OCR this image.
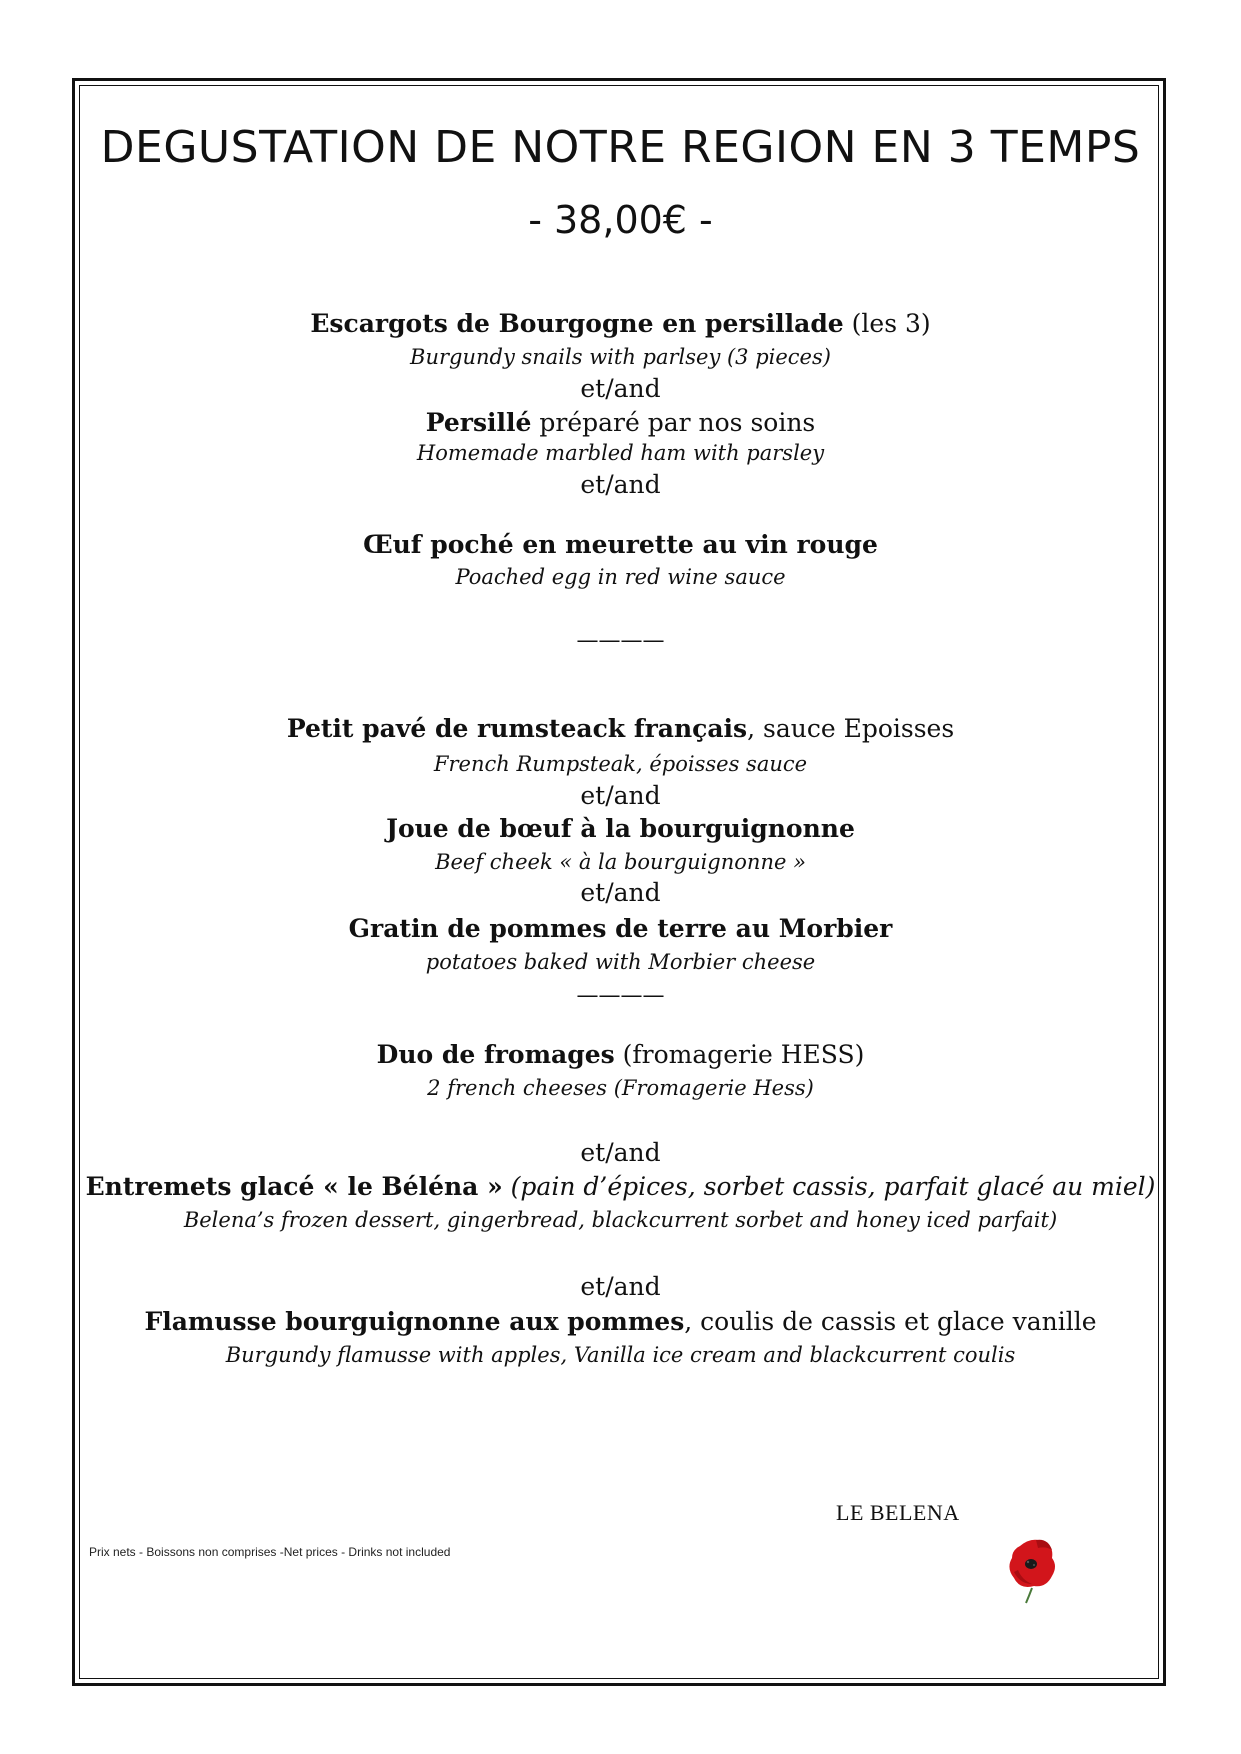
DEGUSTATION DE NOTRE REGION EN 3 TEMPS
- 38,00€ -
Escargots de Bourgogne en persillade (les 3)
Burgundy snails with parlsey (3 pieces)
et/and
Persillé préparé par nos soins
Homemade marbled ham with parsley
et/and
Œuf poché en meurette au vin rouge
Poached egg in red wine sauce
————
Petit pavé de rumsteack français, sauce Epoisses
French Rumpsteak, époisses sauce
et/and
Joue de bœuf à la bourguignonne
Beef cheek « à la bourguignonne »
et/and
Gratin de pommes de terre au Morbier
potatoes baked with Morbier cheese
————
Duo de fromages (fromagerie HESS)
2 french cheeses (Fromagerie Hess)
et/and
Entremets glacé « le Béléna » (pain d’épices, sorbet cassis, parfait glacé au miel)
Belena’s frozen dessert, gingerbread, blackcurrent sorbet and honey iced parfait)
et/and
Flamusse bourguignonne aux pommes, coulis de cassis et glace vanille
Burgundy flamusse with apples, Vanilla ice cream and blackcurrent coulis
LE BELENA
Prix nets - Boissons non comprises -Net prices - Drinks not included
